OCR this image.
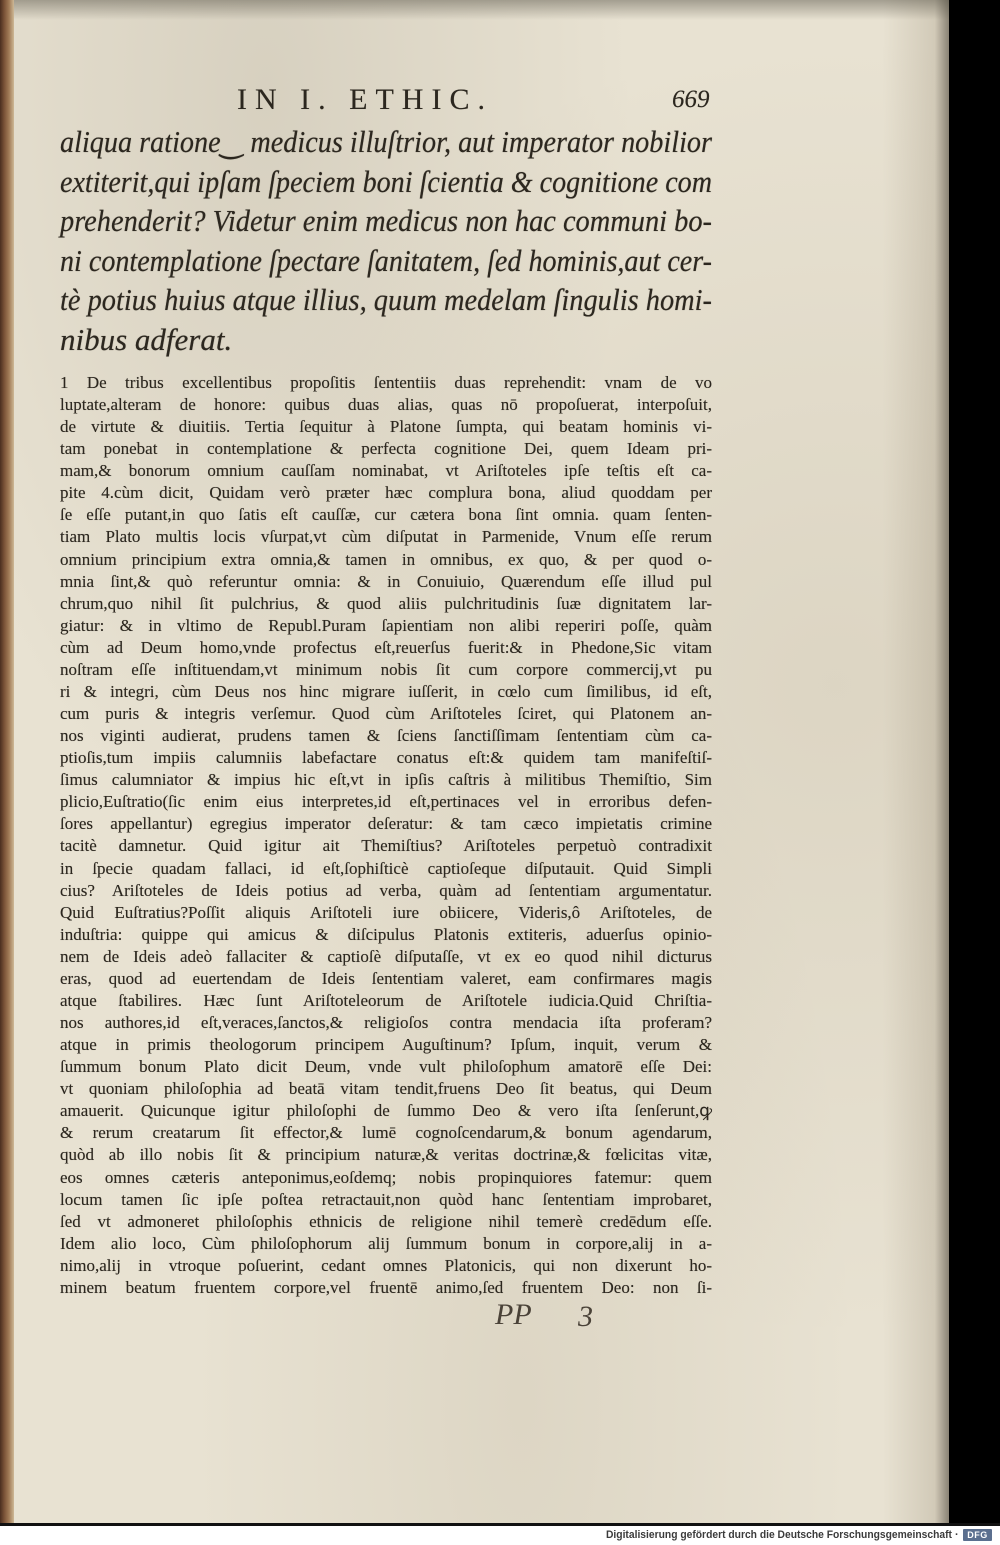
IN I. ETHIC.	669
aliqua ratione‿ medicus illuſtrior, aut imperator nobilior
extiterit,qui ipſam ſpeciem boni ſcientia & cognitione com
prehenderit? Videtur enim medicus non hac communi bo-
ni contemplatione ſpectare ſanitatem, ſed hominis,aut cer-
tè potius huius atque illius, quum medelam ſingulis homi-
nibus adferat.
1 De tribus excellentibus propoſitis ſententiis duas reprehendit: vnam de vo
luptate,alteram de honore: quibus duas alias, quas nō propoſuerat, interpoſuit,
de virtute & diuitiis. Tertia ſequitur à Platone ſumpta, qui beatam hominis vi-
tam ponebat in contemplatione & perfecta cognitione Dei, quem Ideam pri-
mam,& bonorum omnium cauſſam nominabat, vt Ariſtoteles ipſe teſtis eſt ca-
pite 4.cùm dicit, Quidam verò præter hæc complura bona, aliud quoddam per
ſe eſſe putant,in quo ſatis eſt cauſſæ, cur cætera bona ſint omnia. quam ſenten-
tiam Plato multis locis vſurpat,vt cùm diſputat in Parmenide, Vnum eſſe rerum
omnium principium extra omnia,& tamen in omnibus, ex quo, & per quod o-
mnia ſint,& quò referuntur omnia: & in Conuiuio, Quærendum eſſe illud pul
chrum,quo nihil ſit pulchrius, & quod aliis pulchritudinis ſuæ dignitatem lar-
giatur: & in vltimo de Republ.Puram ſapientiam non alibi reperiri poſſe, quàm
cùm ad Deum homo,vnde profectus eſt,reuerſus fuerit:& in Phedone,Sic vitam
noſtram eſſe inſtituendam,vt minimum nobis ſit cum corpore commercij,vt pu
ri & integri, cùm Deus nos hinc migrare iuſſerit, in cœlo cum ſimilibus, id eſt,
cum puris & integris verſemur. Quod cùm Ariſtoteles ſciret, qui Platonem an-
nos viginti audierat, prudens tamen & ſciens ſanctiſſimam ſententiam cùm ca-
ptioſis,tum impiis calumniis labefactare conatus eſt:& quidem tam manifeſtiſ-
ſimus calumniator & impius hic eſt,vt in ipſis caſtris à militibus Themiſtio, Sim
plicio,Euſtratio(ſic enim eius interpretes,id eſt,pertinaces vel in erroribus defen-
ſores appellantur) egregius imperator deſeratur: & tam cæco impietatis crimine
tacitè damnetur. Quid igitur ait Themiſtius? Ariſtoteles perpetuò contradixit
in ſpecie quadam fallaci, id eſt,ſophiſticè captioſeque diſputauit. Quid Simpli
cius? Ariſtoteles de Ideis potius ad verba, quàm ad ſententiam argumentatur.
Quid Euſtratius?Poſſit aliquis Ariſtoteli iure obiicere, Videris,ô Ariſtoteles, de
induſtria: quippe qui amicus & diſcipulus Platonis extiteris, aduerſus opinio-
nem de Ideis adeò fallaciter & captioſè diſputaſſe, vt ex eo quod nihil dicturus
eras, quod ad euertendam de Ideis ſententiam valeret, eam confirmares magis
atque ſtabilires. Hæc ſunt Ariſtoteleorum de Ariſtotele iudicia.Quid Chriſtia-
nos authores,id eſt,veraces,ſanctos,& religioſos contra mendacia iſta proferam?
atque in primis theologorum principem Auguſtinum? Ipſum, inquit, verum &
ſummum bonum Plato dicit Deum, vnde vult philoſophum amatorē eſſe Dei:
vt quoniam philoſophia ad beatā vitam tendit,fruens Deo ſit beatus, qui Deum
amauerit. Quicunque igitur philoſophi de ſummo Deo & vero iſta ſenſerunt,ꝙ
& rerum creatarum ſit effector,& lumē cognoſcendarum,& bonum agendarum,
quòd ab illo nobis ſit & principium naturæ,& veritas doctrinæ,& fœlicitas vitæ,
eos omnes cæteris anteponimus,eoſdemq; nobis propinquiores fatemur: quem
locum tamen ſic ipſe poſtea retractauit,non quòd hanc ſententiam improbaret,
ſed vt admoneret philoſophis ethnicis de religione nihil temerè credēdum eſſe.
Idem alio loco, Cùm philoſophorum alij ſummum bonum in corpore,alij in a-
nimo,alij in vtroque poſuerint, cedant omnes Platonicis, qui non dixerunt ho-
minem beatum fruentem corpore,vel fruentē animo,ſed fruentem Deo: non ſi-
PP 3
Digitalisierung gefördert durch die Deutsche Forschungsgemeinschaft · DFG
